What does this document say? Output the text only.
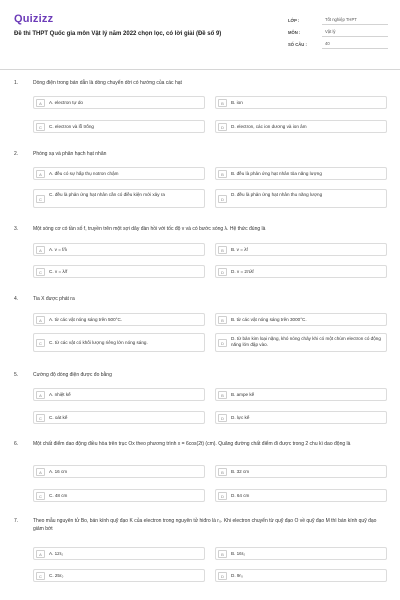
Quizizz
Đề thi THPT Quốc gia môn Vật lý năm 2022 chọn lọc, có lời giải (Đề số 9)
LỚP :	Tốt nghiệp THPT
MÔN :	Vật lý
SỐ CÂU :	40
1.	Dòng điện trong bán dẫn là dòng chuyển dời có hướng của các hạt
A	A. electron tự do	B	B. ion
C	C. electron và lỗ trống	D	D. electron, các ion dương và ion âm
2.	Phóng xạ và phân hạch hạt nhân
A	A. đều có sự hấp thụ notron chậm	B	B. đều là phản ứng hạt nhân tỏa năng lượng
C
C. đều là phản ứng hạt nhân cần có điều kiện mới xảy ra
D
D. đều là phản ứng hạt nhân thu năng lượng
3.	Một sóng cơ có tần số f, truyền trên một sợi dây đàn hồi với tốc độ v và có bước sóng λ. Hệ thức đúng là
A	A. v = f/λ	B	B. v = λf
C	C. v = λ/f	D	D. v = 2πλf
4.	Tia X được phát ra
A	A. từ các vật nóng sáng trên 500°C.	B	B. từ các vật nóng sáng trên 3000°C.
C	C. từ các vật có khối lượng riêng lớn nóng sáng.	D
D. từ bản kim loại nặng, khó nóng chảy khi có một chùm electron có động năng lớn đập vào.
5.	Cường độ dòng điện được đo bằng
A	A. nhiệt kế	B	B. ampe kế
C	C. oát kế	D	D. lực kế
6.	Một chất điểm dao động điều hòa trên trục Ox theo phương trình x = 6cos(2t) (cm). Quãng đường chất điểm đi được trong 2 chu kì dao động là
A	A. 16 cm	B	B. 32 cm
C	C. 48 cm	D	D. 64 cm
7.	Theo mẫu nguyên tử Bo, bán kính quỹ đạo K của electron trong nguyên tử hiđro là r₀. Khi electron chuyển từ quỹ đạo O về quỹ đạo M thì bán kính quỹ đạo giảm bớt
A	A. 12r₀	B	B. 16r₀
C	C. 25r₀	D	D. 9r₀
